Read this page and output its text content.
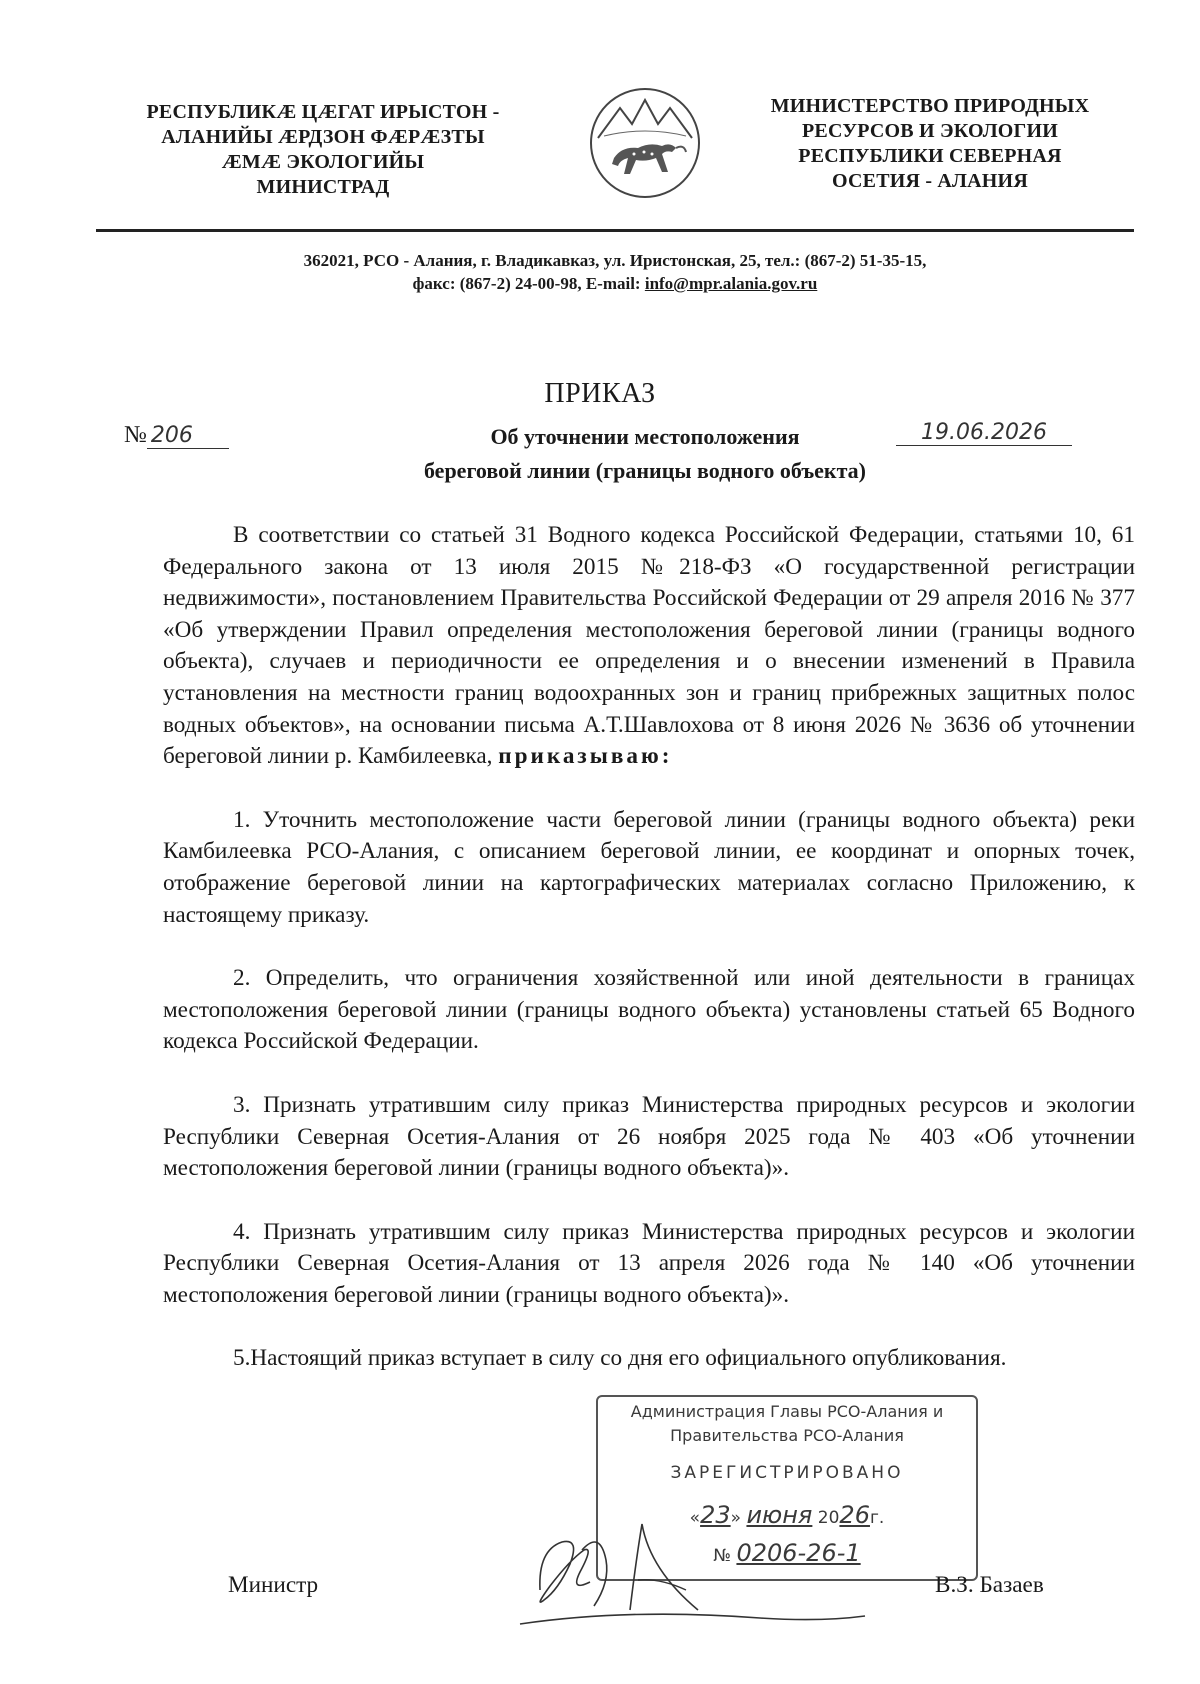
РЕСПУБЛИКÆ ЦÆГАТ ИРЫСТОН -
АЛАНИЙЫ ÆРДЗОН ФÆРÆЗТЫ
ÆМÆ ЭКОЛОГИЙЫ
МИНИСТРАД
МИНИСТЕРСТВО ПРИРОДНЫХ
РЕСУРСОВ И ЭКОЛОГИИ
РЕСПУБЛИКИ СЕВЕРНАЯ
ОСЕТИЯ - АЛАНИЯ
362021, РСО - Алания, г. Владикавказ, ул. Иристонская, 25, тел.: (867-2) 51-35-15,
факс: (867-2) 24-00-98, E-mail: info@mpr.alania.gov.ru
ПРИКАЗ
№ 206	19.06.2026
Об уточнении местоположения
береговой линии (границы водного объекта)

В соответствии со статьей 31 Водного кодекса Российской Федерации, статьями 10, 61 Федерального закона от 13 июля 2015 №218-ФЗ «О государственной регистрации недвижимости», постановлением Правительства Российской Федерации от 29 апреля 2016 № 377 «Об утверждении Правил определения местоположения береговой линии (границы водного объекта), случаев и периодичности ее определения и о внесении изменений в Правила установления на местности границ водоохранных зон и границ прибрежных защитных полос водных объектов», на основании письма А.Т.Шавлохова от 8 июня 2026 № 3636 об уточнении береговой линии р. Камбилеевка, приказываю:

1. Уточнить местоположение части береговой линии (границы водного объекта) реки Камбилеевка РСО-Алания, с описанием береговой линии, ее координат и опорных точек, отображение береговой линии на картографических материалах согласно Приложению, к настоящему приказу.

2. Определить, что ограничения хозяйственной или иной деятельности в границах местоположения береговой линии (границы водного объекта) установлены статьей 65 Водного кодекса Российской Федерации.

3. Признать утратившим силу приказ Министерства природных ресурсов и экологии Республики Северная Осетия-Алания от 26 ноября 2025 года № 403 «Об уточнении местоположения береговой линии (границы водного объекта)».

4. Признать утратившим силу приказ Министерства природных ресурсов и экологии Республики Северная Осетия-Алания от 13 апреля 2026 года № 140 «Об уточнении местоположения береговой линии (границы водного объекта)».

5.Настоящий приказ вступает в силу со дня его официального опубликования.

Администрация Главы РСО-Алания и
Правительства РСО-Алания
ЗАРЕГИСТРИРОВАНО
«23» июня 2026г.
№ 0206-26-1
Министр	В.З. Базаев
